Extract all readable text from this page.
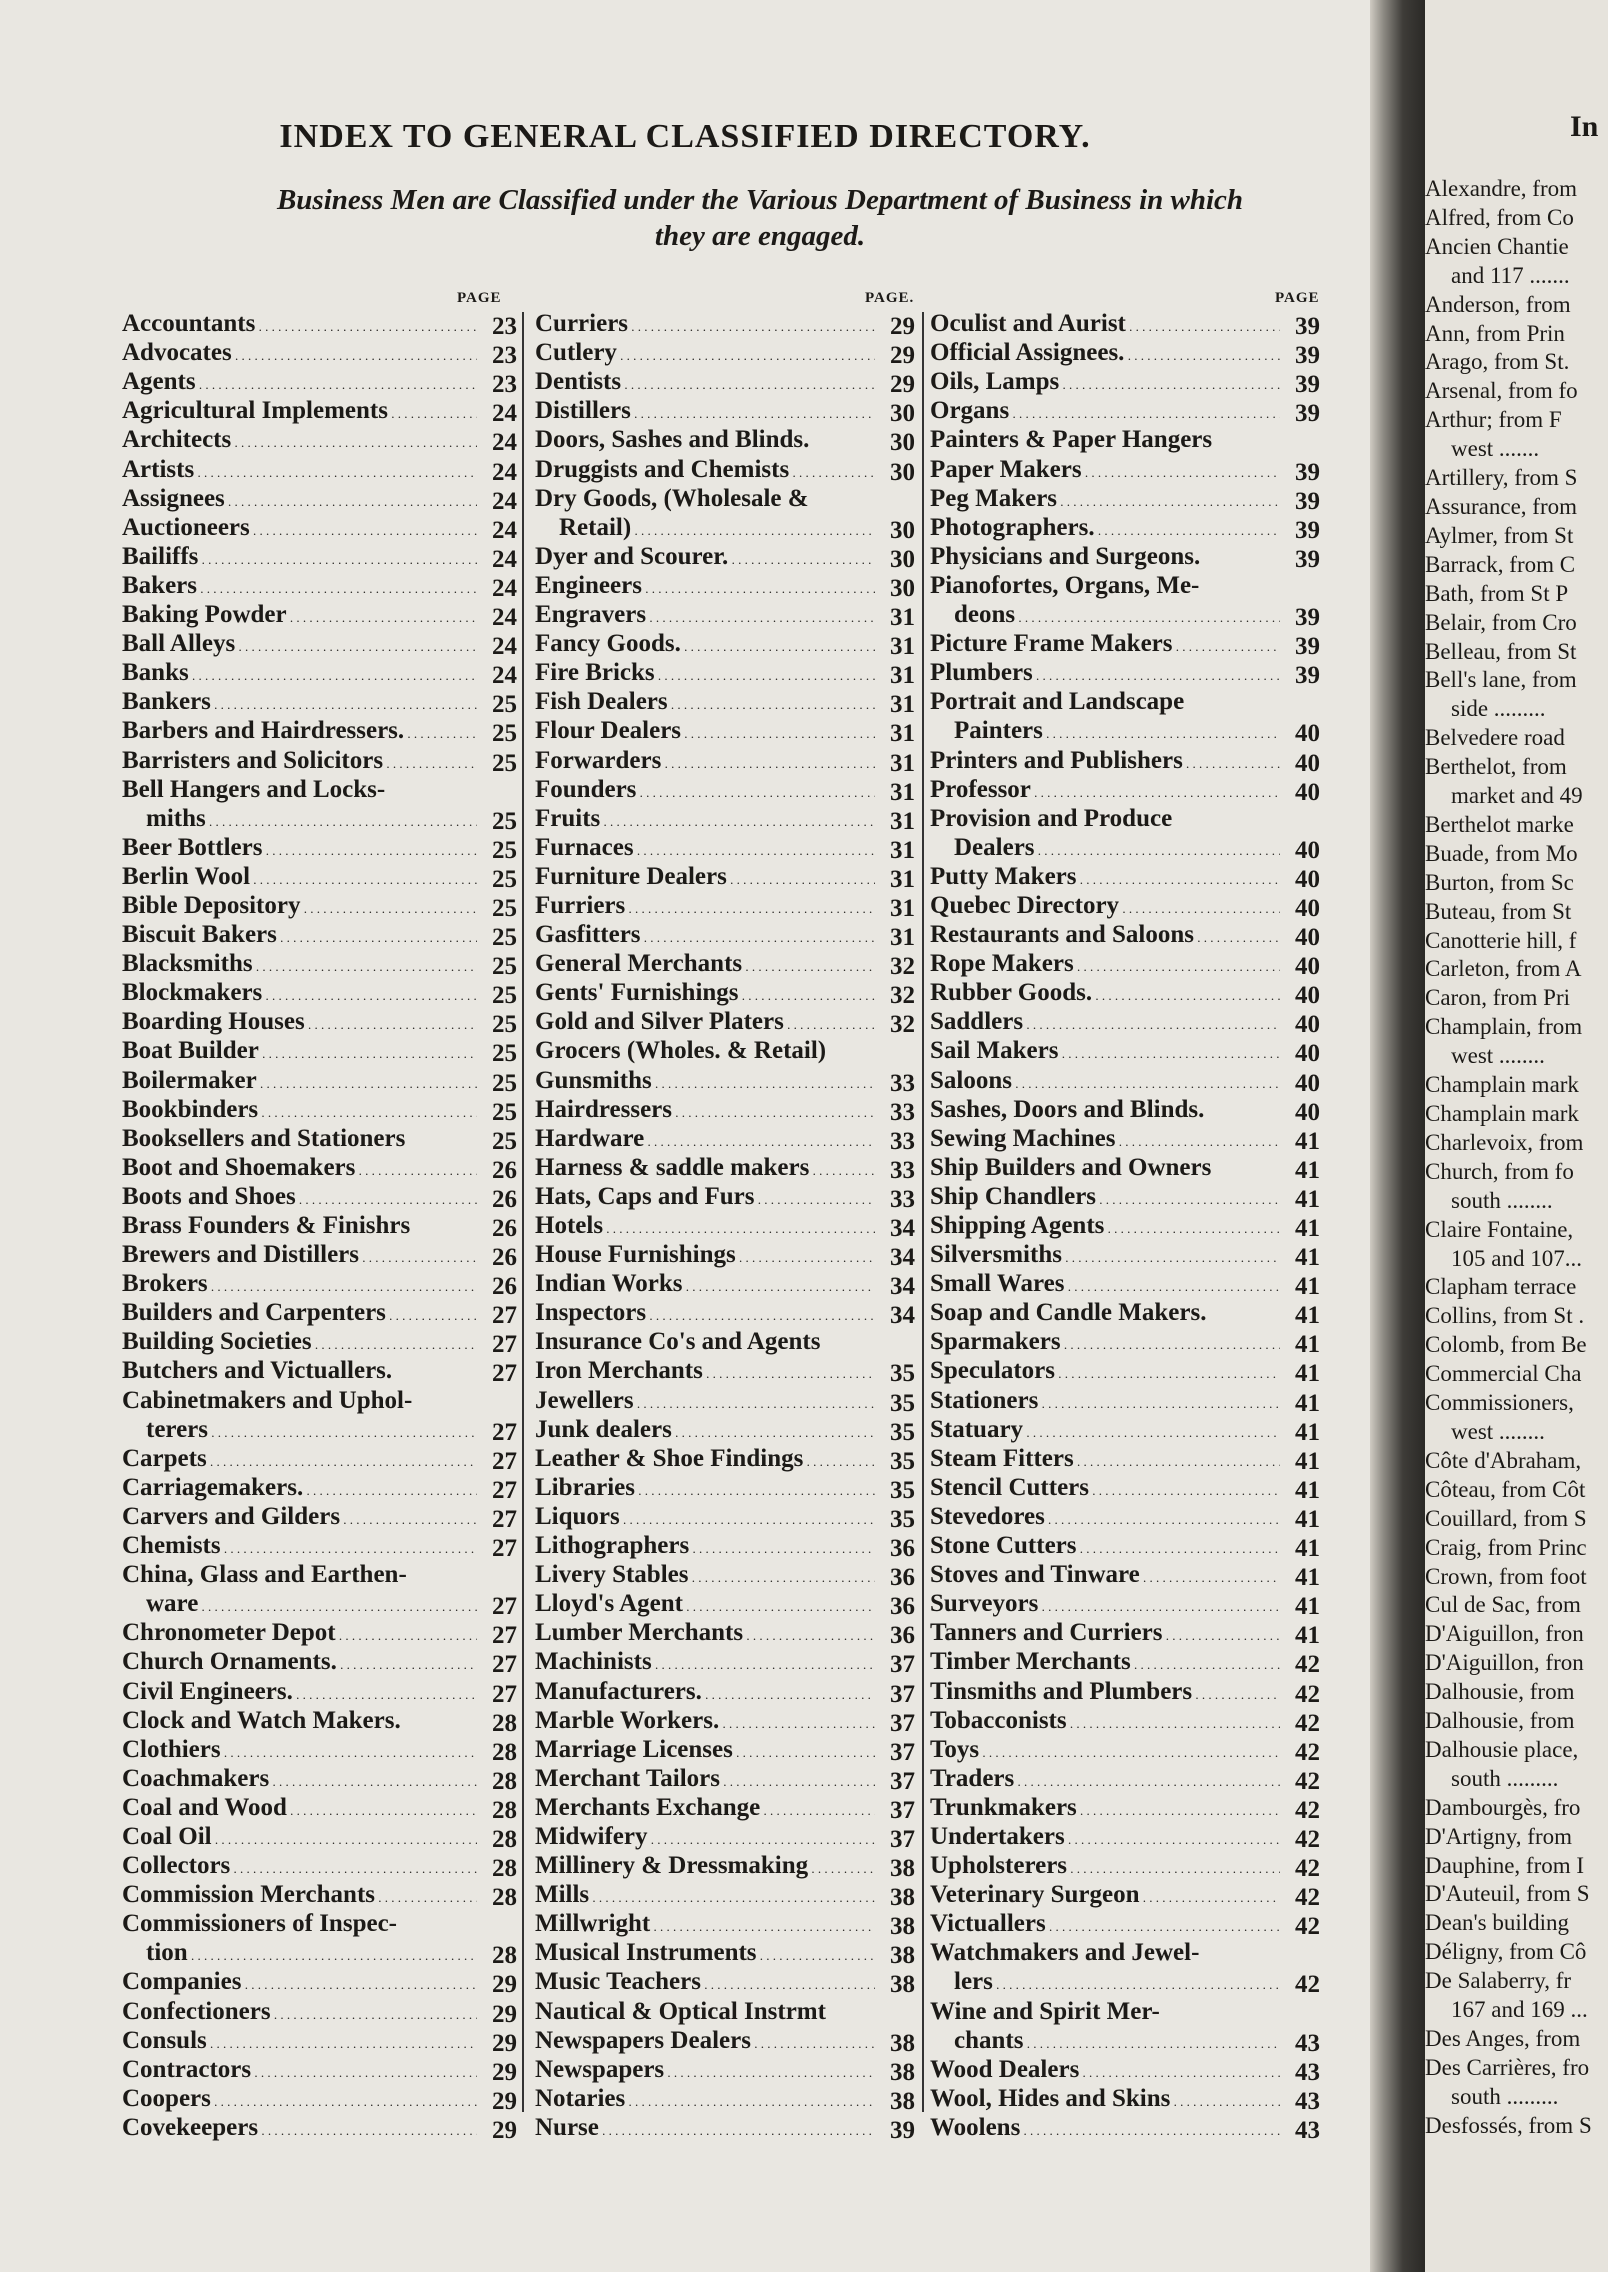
INDEX TO GENERAL CLASSIFIED DIRECTORY.
Business Men are Classified under the Various Department of Business in which
they are engaged.
PAGE
Accountants . . .	23
Advocates . . .	23
Agents . . .	23
Agricultural Implements . . .	24
Architects . . .	24
Artists . . .	24
Assignees . . .	24
Auctioneers . . .	24
Bailiffs . . .	24
Bakers . . .	24
Baking Powder . . .	24
Ball Alleys . . .	24
Banks . . .	24
Bankers . . .	25
Barbers and Hairdressers. . . .	25
Barristers and Solicitors . . .	25
Bell Hangers and Locks-
miths . . .	25
Beer Bottlers . . .	25
Berlin Wool . . .	25
Bible Depository . . .	25
Biscuit Bakers . . .	25
Blacksmiths . . .	25
Blockmakers . . .	25
Boarding Houses . . .	25
Boat Builder . . .	25
Boilermaker . . .	25
Bookbinders . . .	25
Booksellers and Stationers	25
Boot and Shoemakers . . .	26
Boots and Shoes . . .	26
Brass Founders & Finishrs	26
Brewers and Distillers . . .	26
Brokers . . .	26
Builders and Carpenters . . .	27
Building Societies . . .	27
Butchers and Victuallers.	27
Cabinetmakers and Uphol-
terers . . .	27
Carpets . . .	27
Carriagemakers. . . .	27
Carvers and Gilders . . .	27
Chemists . . .	27
China, Glass and Earthen-
ware . . .	27
Chronometer Depot . . .	27
Church Ornaments. . . .	27
Civil Engineers. . . .	27
Clock and Watch Makers.	28
Clothiers . . .	28
Coachmakers . . .	28
Coal and Wood . . .	28
Coal Oil . . .	28
Collectors . . .	28
Commission Merchants . . .	28
Commissioners of Inspec-
tion . . .	28
Companies . . .	29
Confectioners . . .	29
Consuls . . .	29
Contractors . . .	29
Coopers . . .	29
Covekeepers . . .	29
PAGE.
Curriers . . .	29
Cutlery . . .	29
Dentists . . .	29
Distillers . . .	30
Doors, Sashes and Blinds.	30
Druggists and Chemists . . .	30
Dry Goods, (Wholesale &
Retail) . . .	30
Dyer and Scourer. . . .	30
Engineers . . .	30
Engravers . . .	31
Fancy Goods. . . .	31
Fire Bricks . . .	31
Fish Dealers . . .	31
Flour Dealers . . .	31
Forwarders . . .	31
Founders . . .	31
Fruits . . .	31
Furnaces . . .	31
Furniture Dealers . . .	31
Furriers . . .	31
Gasfitters . . .	31
General Merchants . . .	32
Gents' Furnishings . . .	32
Gold and Silver Platers . . .	32
Grocers (Wholes. & Retail)
Gunsmiths . . .	33
Hairdressers . . .	33
Hardware . . .	33
Harness & saddle makers . . .	33
Hats, Caps and Furs . . .	33
Hotels . . .	34
House Furnishings . . .	34
Indian Works . . .	34
Inspectors . . .	34
Insurance Co's and Agents
Iron Merchants . . .	35
Jewellers . . .	35
Junk dealers . . .	35
Leather & Shoe Findings . . .	35
Libraries . . .	35
Liquors . . .	35
Lithographers . . .	36
Livery Stables . . .	36
Lloyd's Agent . . .	36
Lumber Merchants . . .	36
Machinists . . .	37
Manufacturers. . . .	37
Marble Workers. . . .	37
Marriage Licenses . . .	37
Merchant Tailors . . .	37
Merchants Exchange . . .	37
Midwifery . . .	37
Millinery & Dressmaking . . .	38
Mills . . .	38
Millwright . . .	38
Musical Instruments . . .	38
Music Teachers . . .	38
Nautical & Optical Instrmt
Newspapers Dealers . . .	38
Newspapers . . .	38
Notaries . . .	38
Nurse . . .	39
PAGE
Oculist and Aurist . . .	39
Official Assignees. . . .	39
Oils, Lamps . . .	39
Organs . . .	39
Painters & Paper Hangers
Paper Makers . . .	39
Peg Makers . . .	39
Photographers. . . .	39
Physicians and Surgeons.	39
Pianofortes, Organs, Me-
deons . . .	39
Picture Frame Makers . . .	39
Plumbers . . .	39
Portrait and Landscape
Painters . . .	40
Printers and Publishers . . .	40
Professor . . .	40
Provision and Produce
Dealers . . .	40
Putty Makers . . .	40
Quebec Directory . . .	40
Restaurants and Saloons . . .	40
Rope Makers . . .	40
Rubber Goods. . . .	40
Saddlers . . .	40
Sail Makers . . .	40
Saloons . . .	40
Sashes, Doors and Blinds.	40
Sewing Machines . . .	41
Ship Builders and Owners	41
Ship Chandlers . . .	41
Shipping Agents . . .	41
Silversmiths . . .	41
Small Wares . . .	41
Soap and Candle Makers.	41
Sparmakers . . .	41
Speculators . . .	41
Stationers . . .	41
Statuary . . .	41
Steam Fitters . . .	41
Stencil Cutters . . .	41
Stevedores . . .	41
Stone Cutters . . .	41
Stoves and Tinware . . .	41
Surveyors . . .	41
Tanners and Curriers . . .	41
Timber Merchants . . .	42
Tinsmiths and Plumbers . . .	42
Tobacconists . . .	42
Toys . . .	42
Traders . . .	42
Trunkmakers . . .	42
Undertakers . . .	42
Upholsterers . . .	42
Veterinary Surgeon . . .	42
Victuallers . . .	42
Watchmakers and Jewel-
lers . . .	42
Wine and Spirit Mer-
chants . . .	43
Wood Dealers . . .	43
Wool, Hides and Skins . . .	43
Woolens . . .	43
In
Alexandre, from
Alfred, from Co
Ancien Chantie
and 117 .......
Anderson, from
Ann, from Prin
Arago, from St.
Arsenal, from fo
Arthur; from F
west .......
Artillery, from S
Assurance, from
Aylmer, from St
Barrack, from C
Bath, from St P
Belair, from Cro
Belleau, from St
Bell's lane, from
side .........
Belvedere road
Berthelot, from
market and 49
Berthelot marke
Buade, from Mo
Burton, from Sc
Buteau, from St
Canotterie hill, f
Carleton, from A
Caron, from Pri
Champlain, from
west ........
Champlain mark
Champlain mark
Charlevoix, from
Church, from fo
south ........
Claire Fontaine,
105 and 107...
Clapham terrace
Collins, from St .
Colomb, from Be
Commercial Cha
Commissioners,
west ........
Côte d'Abraham,
Côteau, from Côt
Couillard, from S
Craig, from Princ
Crown, from foot
Cul de Sac, from
D'Aiguillon, fron
D'Aiguillon, fron
Dalhousie, from
Dalhousie, from
Dalhousie place,
south .........
Dambourgès, fro
D'Artigny, from
Dauphine, from I
D'Auteuil, from S
Dean's building
Déligny, from Cô
De Salaberry, fr
167 and 169 ...
Des Anges, from
Des Carrières, fro
south .........
Desfossés, from S
